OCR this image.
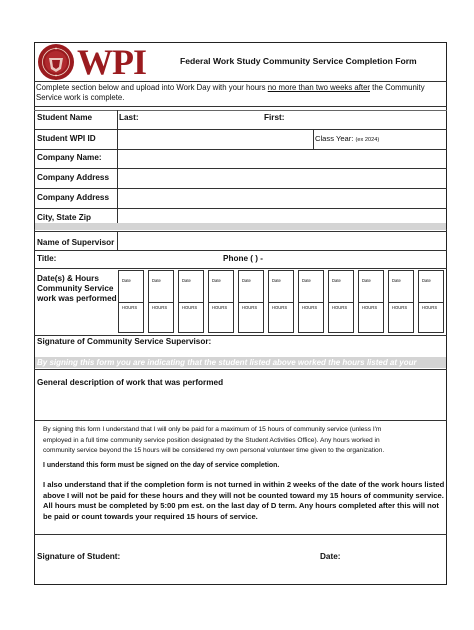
WPI	Federal Work Study Community Service Completion Form
Complete section below and upload into Work Day with your hours no more than two weeks after the Community
Service work is complete.
Student Name	Last:	First:
Student WPI ID	Class Year: (ex 2024)
Company Name:
Company Address
Company Address
City, State Zip
Name of Supervisor
Title:	Phone ( ) -
Date(s) & Hours
Community Service
work was performed
Date
HOURS
Date
HOURS
Date
HOURS
Date
HOURS
Date
HOURS
Date
HOURS
Date
HOURS
Date
HOURS
Date
HOURS
Date
HOURS
Date
HOURS
Signature of Community Service Supervisor:
By signing this form you are indicating that the student listed above worked the hours listed at your
General description of work that was performed
By signing this form I understand that I will only be paid for a maximum of 15 hours of community service (unless I'm
employed in a full time community service position designated by the Student Activities Office). Any hours worked in
community service beyond the 15 hours will be considered my own personal volunteer time given to the organization.
I understand this form must be signed on the day of service completion.
I also understand that if the completion form is not turned in within 2 weeks of the date of the work hours listed
above I will not be paid for these hours and they will not be counted toward my 15 hours of community service.
All hours must be completed by 5:00 pm est. on the last day of D term. Any hours completed after this will not
be paid or count towards your required 15 hours of service.
Signature of Student:	Date:
